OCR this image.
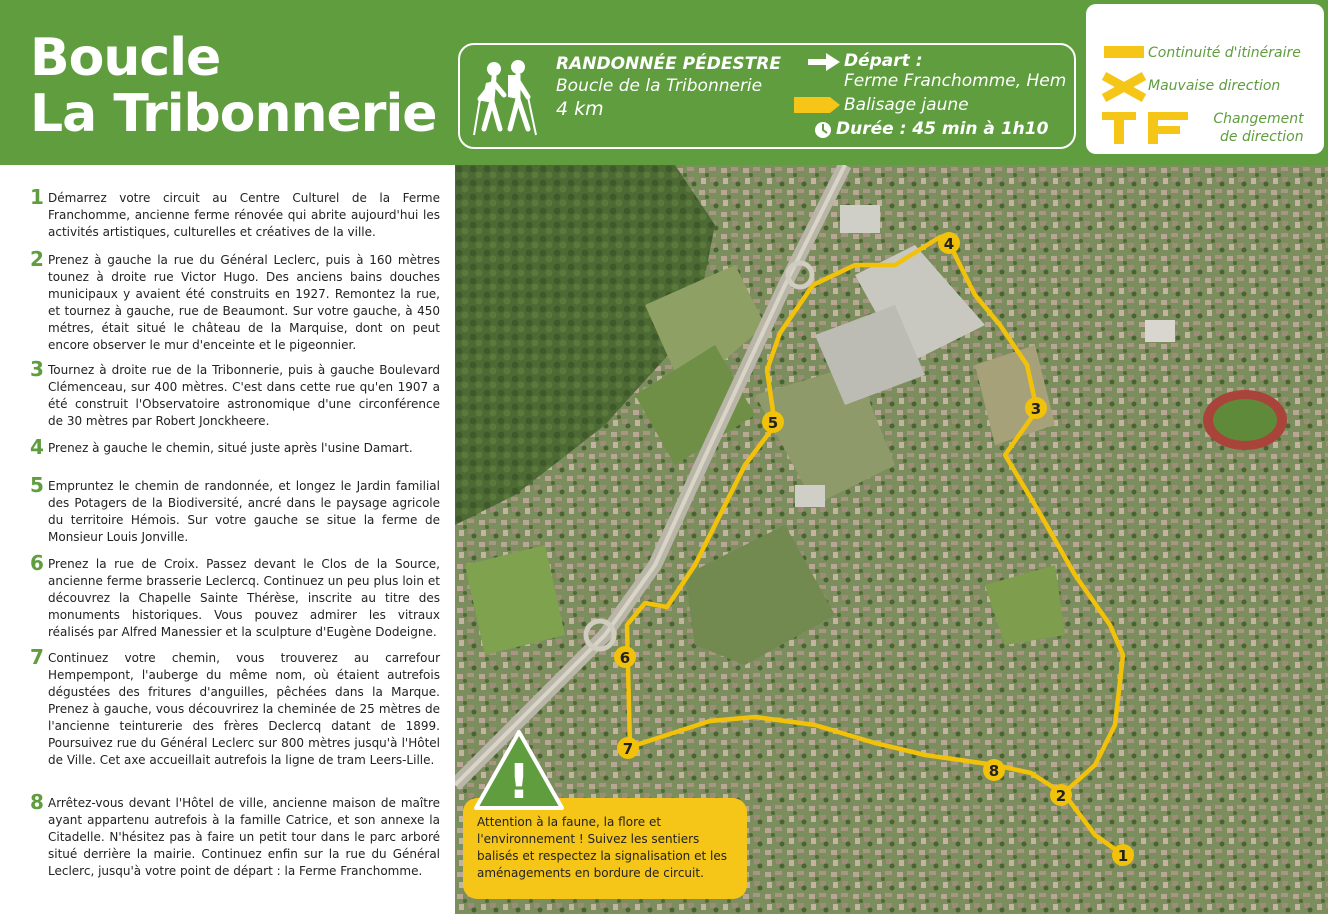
Boucle
La Tribonnerie
RANDONNÉE PÉDESTRE
Boucle de la Tribonnerie
4 km
Départ :
Ferme Franchomme, Hem
Balisage jaune
Durée : 45 min à 1h10
Continuité d'itinéraire
Mauvaise direction
Changement
de direction
1 Démarrez votre circuit au Centre Culturel de la Ferme Franchomme, ancienne ferme rénovée qui abrite aujourd'hui les activités artistiques, culturelles et créatives de la ville.
2 Prenez à gauche la rue du Général Leclerc, puis à 160 mètres tounez à droite rue Victor Hugo. Des anciens bains douches municipaux y avaient été construits en 1927. Remontez la rue, et tournez à gauche, rue de Beaumont. Sur votre gauche, à 450 métres, était situé le château de la Marquise, dont on peut encore observer le mur d'enceinte et le pigeonnier.
3 Tournez à droite rue de la Tribonnerie, puis à gauche Boulevard Clémenceau, sur 400 mètres. C'est dans cette rue qu'en 1907 a été construit l'Observatoire astronomique d'une circonférence de 30 mètres par Robert Jonckheere.
4 Prenez à gauche le chemin, situé juste après l'usine Damart.
5 Empruntez le chemin de randonnée, et longez le Jardin familial des Potagers de la Biodiversité, ancré dans le paysage agricole du territoire Hémois. Sur votre gauche se situe la ferme de Monsieur Louis Jonville.
6 Prenez la rue de Croix. Passez devant le Clos de la Source, ancienne ferme brasserie Leclercq. Continuez un peu plus loin et découvrez la Chapelle Sainte Thérèse, inscrite au titre des monuments historiques. Vous pouvez admirer les vitraux réalisés par Alfred Manessier et la sculpture d'Eugène Dodeigne.
7 Continuez votre chemin, vous trouverez au carrefour Hempempont, l'auberge du même nom, où étaient autrefois dégustées des fritures d'anguilles, pêchées dans la Marque. Prenez à gauche, vous découvrirez la cheminée de 25 mètres de l'ancienne teinturerie des frères Declercq datant de 1899. Poursuivez rue du Général Leclerc sur 800 mètres jusqu'à l'Hôtel de Ville. Cet axe accueillait autrefois la ligne de tram Leers-Lille.
8 Arrêtez-vous devant l'Hôtel de ville, ancienne maison de maître ayant appartenu autrefois à la famille Catrice, et son annexe la Citadelle. N'hésitez pas à faire un petit tour dans le parc arboré situé derrière la mairie. Continuez enfin sur la rue du Général Leclerc, jusqu'à votre point de départ : la Ferme Franchomme.
1
2
3
4
5
6
7
8
Attention à la faune, la flore et l'environnement ! Suivez les sentiers balisés et respectez la signalisation et les aménagements en bordure de circuit.
!
